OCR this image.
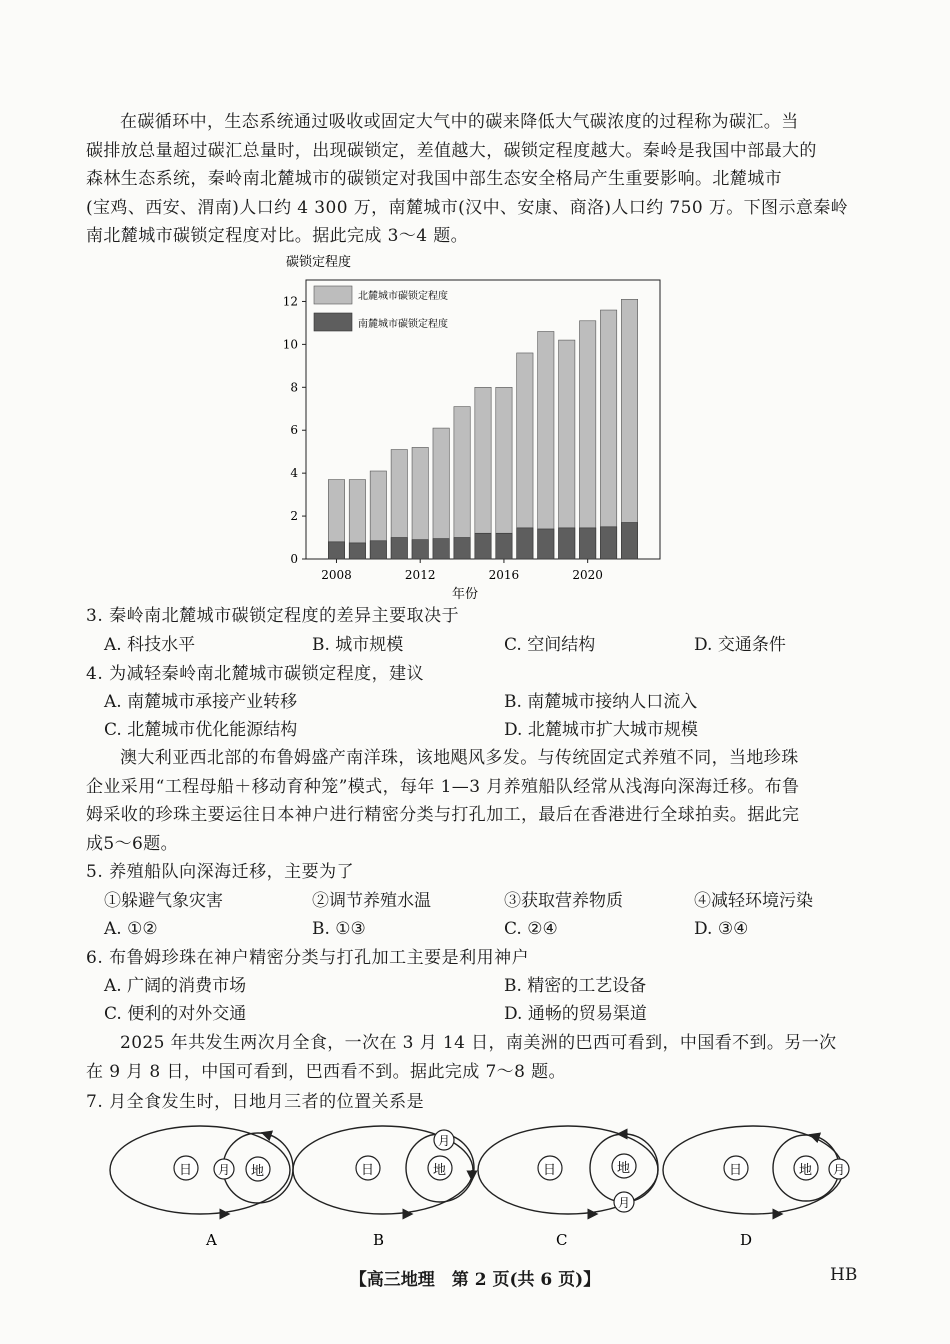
在碳循环中，生态系统通过吸收或固定大气中的碳来降低大气碳浓度的过程称为碳汇。当
碳排放总量超过碳汇总量时，出现碳锁定，差值越大，碳锁定程度越大。秦岭是我国中部最大的
森林生态系统，秦岭南北麓城市的碳锁定对我国中部生态安全格局产生重要影响。北麓城市
(宝鸡、西安、渭南)人口约 4 300 万，南麓城市(汉中、安康、商洛)人口约 750 万。下图示意秦岭
南北麓城市碳锁定程度对比。据此完成 3～4 题。
碳锁定程度
0
2
4
6
8
10
12
2008	2012	2016	2020
北麓城市碳锁定程度
南麓城市碳锁定程度
年份
3. 秦岭南北麓城市碳锁定程度的差异主要取决于
A. 科技水平	B. 城市规模	C. 空间结构	D. 交通条件
4. 为减轻秦岭南北麓城市碳锁定程度，建议
A. 南麓城市承接产业转移	B. 南麓城市接纳人口流入
C. 北麓城市优化能源结构	D. 北麓城市扩大城市规模
澳大利亚西北部的布鲁姆盛产南洋珠，该地飓风多发。与传统固定式养殖不同，当地珍珠
企业采用“工程母船＋移动育种笼”模式，每年 1—3 月养殖船队经常从浅海向深海迁移。布鲁
姆采收的珍珠主要运往日本神户进行精密分类与打孔加工，最后在香港进行全球拍卖。据此完
成5～6题。
5. 养殖船队向深海迁移，主要为了
①躲避气象灾害	②调节养殖水温	③获取营养物质	④减轻环境污染
A. ①②	B. ①③	C. ②④	D. ③④
6. 布鲁姆珍珠在神户精密分类与打孔加工主要是利用神户
A. 广阔的消费市场	B. 精密的工艺设备
C. 便利的对外交通	D. 通畅的贸易渠道
2025 年共发生两次月全食，一次在 3 月 14 日，南美洲的巴西可看到，中国看不到。另一次
在 9 月 8 日，中国可看到，巴西看不到。据此完成 7～8 题。
7. 月全食发生时，日地月三者的位置关系是
日 月 地
A
日	地
月
B
日	地
月
C
日	地 月
D
【高三地理　第 2 页(共 6 页)】	HB
